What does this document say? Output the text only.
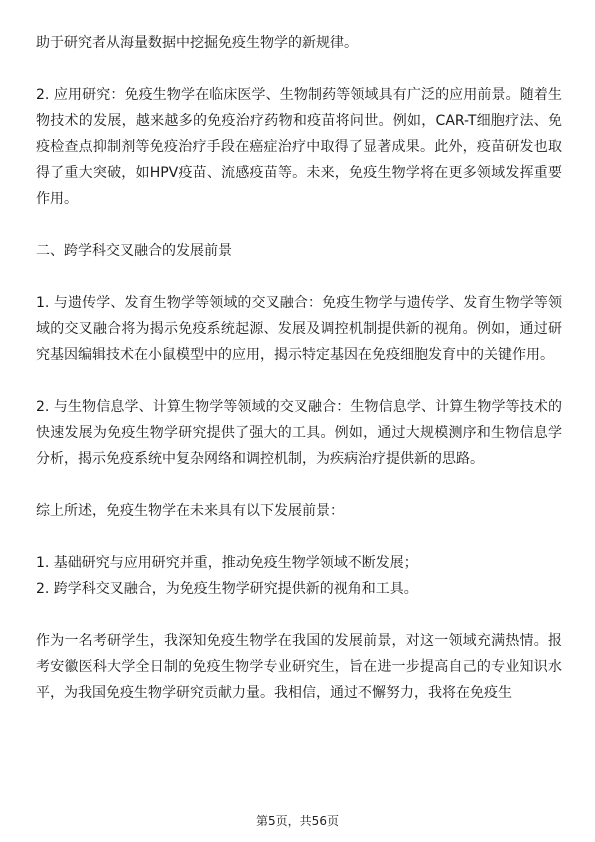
助于研究者从海量数据中挖掘免疫生物学的新规律。

2. 应用研究：免疫生物学在临床医学、生物制药等领域具有广泛的应用前景。随着生物技术的发展，越来越多的免疫治疗药物和疫苗将问世。例如，CAR-T细胞疗法、免疫检查点抑制剂等免疫治疗手段在癌症治疗中取得了显著成果。此外，疫苗研发也取得了重大突破，如HPV疫苗、流感疫苗等。未来，免疫生物学将在更多领域发挥重要作用。

二、跨学科交叉融合的发展前景

1. 与遗传学、发育生物学等领域的交叉融合：免疫生物学与遗传学、发育生物学等领域的交叉融合将为揭示免疫系统起源、发展及调控机制提供新的视角。例如，通过研究基因编辑技术在小鼠模型中的应用，揭示特定基因在免疫细胞发育中的关键作用。

2. 与生物信息学、计算生物学等领域的交叉融合：生物信息学、计算生物学等技术的快速发展为免疫生物学研究提供了强大的工具。例如，通过大规模测序和生物信息学分析，揭示免疫系统中复杂网络和调控机制，为疾病治疗提供新的思路。

综上所述，免疫生物学在未来具有以下发展前景：

1. 基础研究与应用研究并重，推动免疫生物学领域不断发展；

2. 跨学科交叉融合，为免疫生物学研究提供新的视角和工具。

作为一名考研学生，我深知免疫生物学在我国的发展前景，对这一领域充满热情。报考安徽医科大学全日制的免疫生物学专业研究生，旨在进一步提高自己的专业知识水平，为我国免疫生物学研究贡献力量。我相信，通过不懈努力，我将在免疫生

第5页，共56页
